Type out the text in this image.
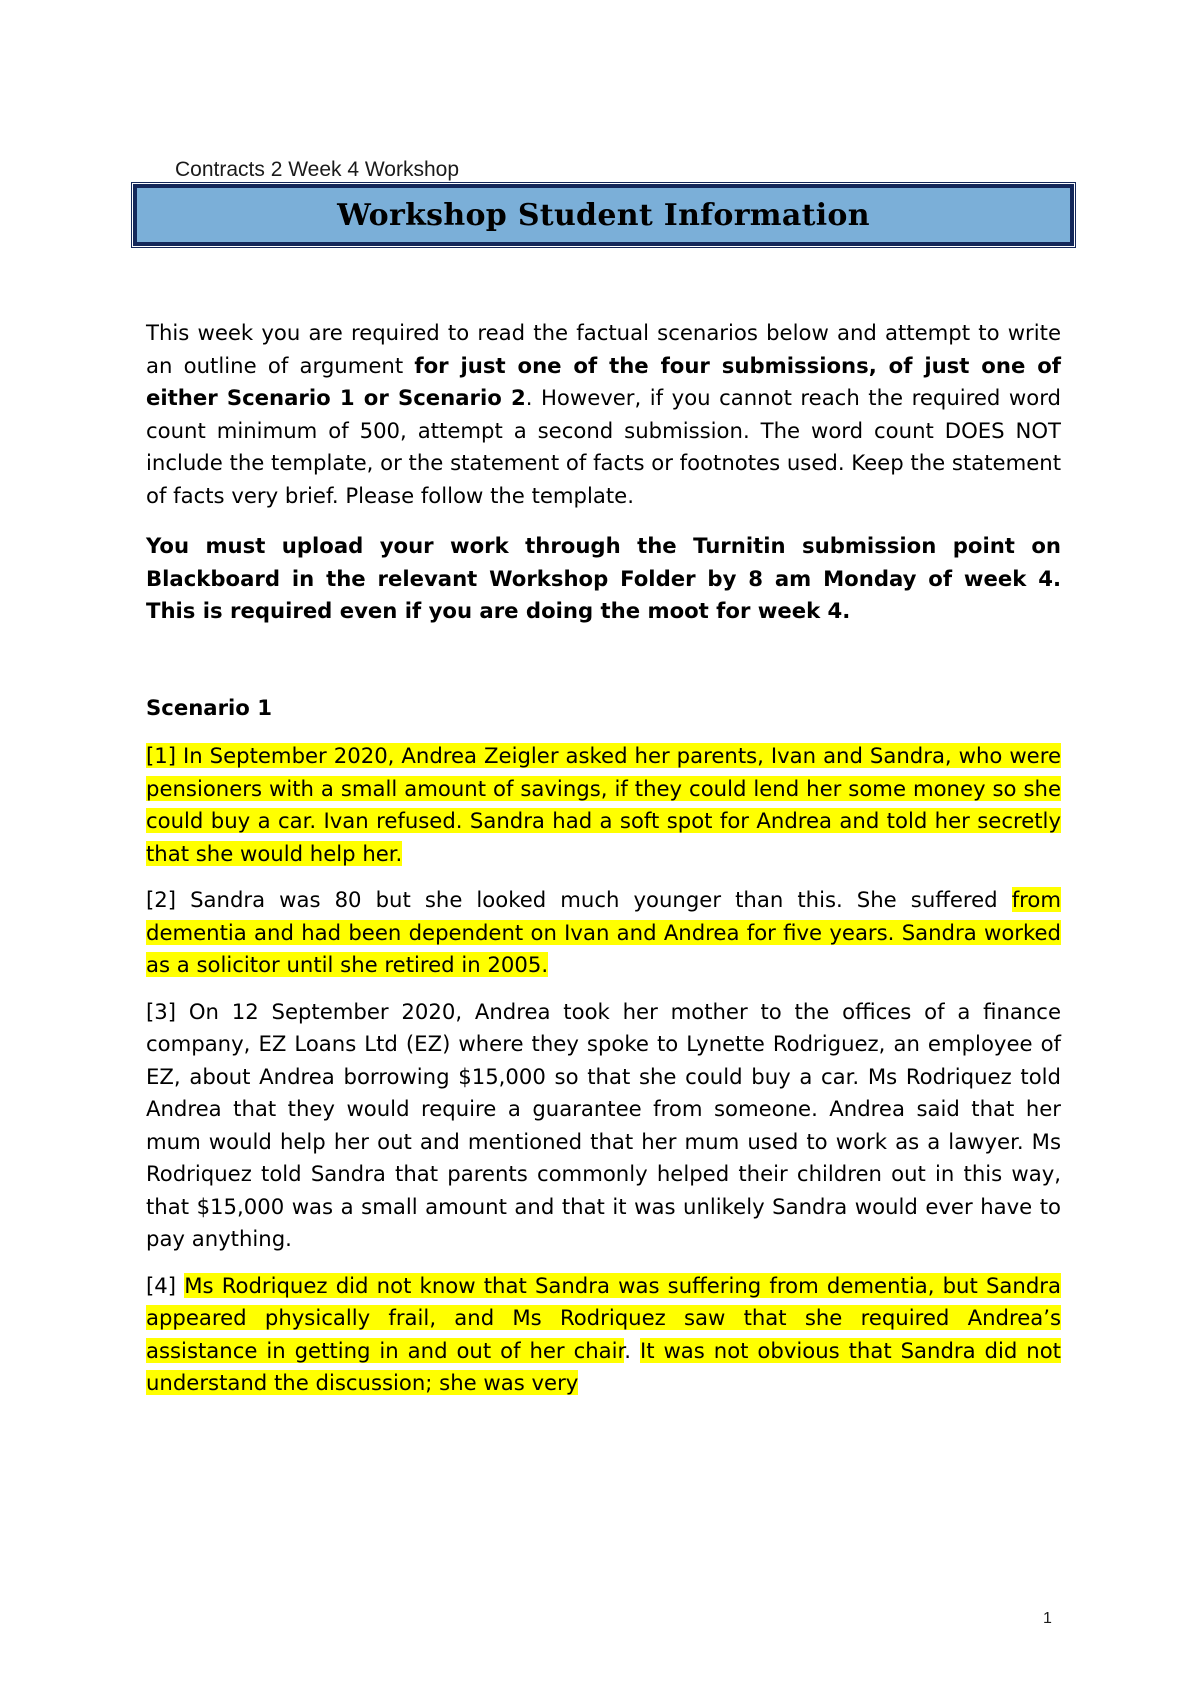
Contracts 2 Week 4 Workshop
Workshop Student Information

This week you are required to read the factual scenarios below and attempt to write an outline of argument for just one of the four submissions, of just one of either Scenario 1 or Scenario 2. However, if you cannot reach the required word count minimum of 500, attempt a second submission. The word count DOES NOT include the template, or the statement of facts or footnotes used. Keep the statement of facts very brief. Please follow the template.

You must upload your work through the Turnitin submission point on Blackboard in the relevant Workshop Folder by 8 am Monday of week 4. This is required even if you are doing the moot for week 4.

Scenario 1

[1] In September 2020, Andrea Zeigler asked her parents, Ivan and Sandra, who were pensioners with a small amount of savings, if they could lend her some money so she could buy a car. Ivan refused. Sandra had a soft spot for Andrea and told her secretly that she would help her.

[2] Sandra was 80 but she looked much younger than this. She suffered from dementia and had been dependent on Ivan and Andrea for five years. Sandra worked as a solicitor until she retired in 2005.

[3] On 12 September 2020, Andrea took her mother to the offices of a finance company, EZ Loans Ltd (EZ) where they spoke to Lynette Rodriguez, an employee of EZ, about Andrea borrowing $15,000 so that she could buy a car. Ms Rodriquez told Andrea that they would require a guarantee from someone. Andrea said that her mum would help her out and mentioned that her mum used to work as a lawyer. Ms Rodriquez told Sandra that parents commonly helped their children out in this way, that $15,000 was a small amount and that it was unlikely Sandra would ever have to pay anything.

[4] Ms Rodriquez did not know that Sandra was suffering from dementia, but Sandra appeared physically frail, and Ms Rodriquez saw that she required Andrea’s assistance in getting in and out of her chair. It was not obvious that Sandra did not understand the discussion; she was very

1
